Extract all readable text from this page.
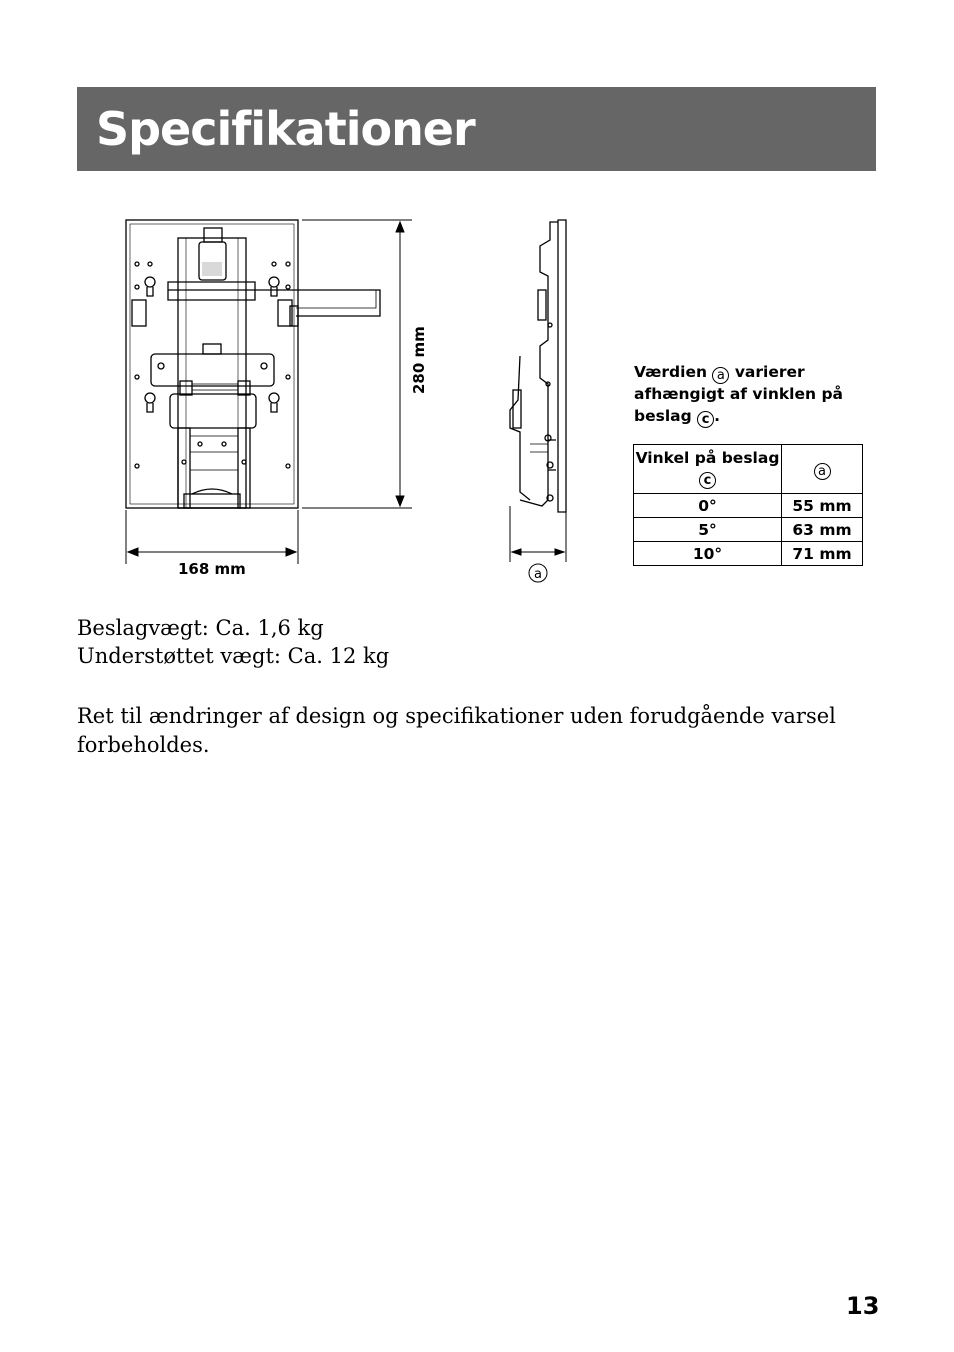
Specifikationer
168 mm
280 mm
a
Værdien a varierer
afhængigt af vinklen på
beslag c .
Vinkel på beslag
c	a
0°	55 mm
5°	63 mm
10°	71 mm
Beslagvægt: Ca. 1,6 kg
Understøttet vægt: Ca. 12 kg
Ret til ændringer af design og specifikationer uden forudgående varsel
forbeholdes.
13
